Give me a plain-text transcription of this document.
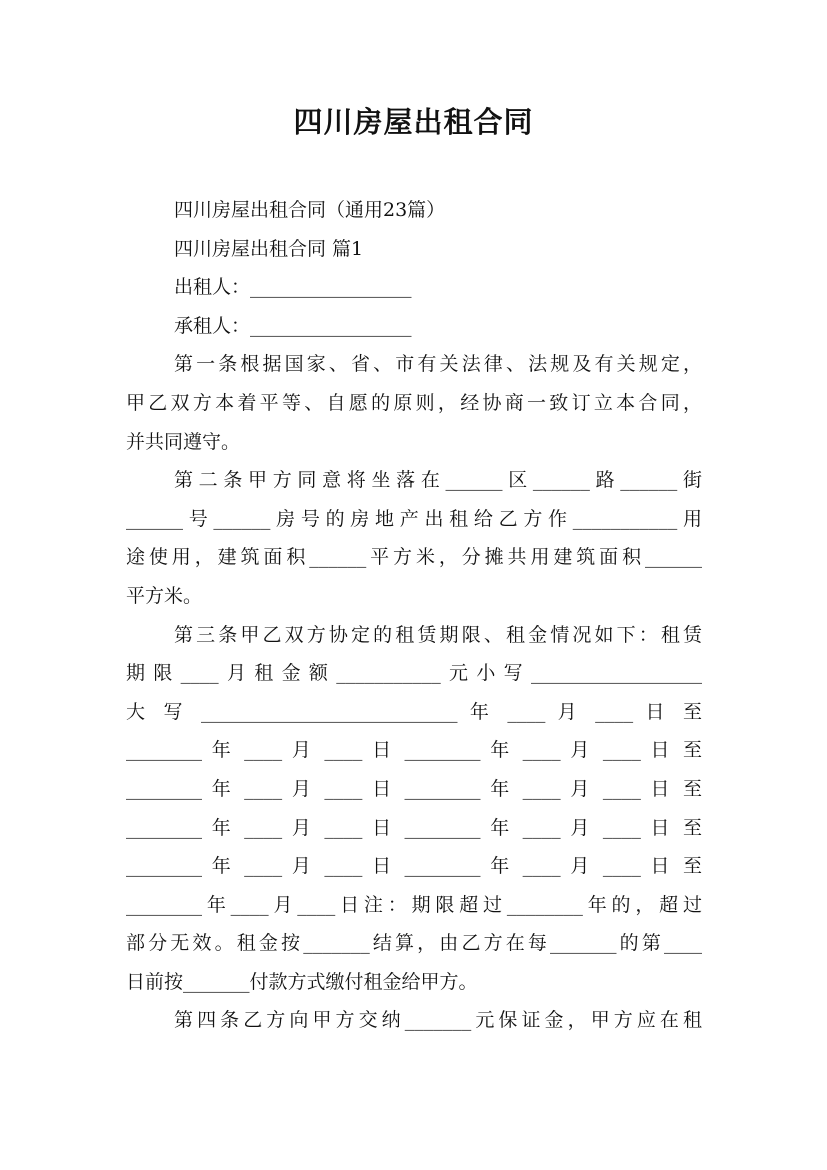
四川房屋出租合同
四川房屋出租合同（通用23篇）
四川房屋出租合同 篇1
出租人：_________________
承租人：_________________
第一条根据国家、省、市有关法律、法规及有关规定，
甲乙双方本着平等、自愿的原则，经协商一致订立本合同，
并共同遵守。
第二条甲方同意将坐落在______区______路______街
______号______房号的房地产出租给乙方作___________用
途使用，建筑面积______平方米，分摊共用建筑面积______
平方米。
第三条甲乙双方协定的租赁期限、租金情况如下：租赁
期限____月租金额___________元小写__________________
大 写 ___________________________ 年 ____ 月 ____ 日 至
________ 年 ____ 月 ____ 日 ________ 年 ____ 月 ____ 日 至
________ 年 ____ 月 ____ 日 ________ 年 ____ 月 ____ 日 至
________ 年 ____ 月 ____ 日 ________ 年 ____ 月 ____ 日 至
________ 年 ____ 月 ____ 日 ________ 年 ____ 月 ____ 日 至
________年____月____日注：期限超过________年的，超过
部分无效。租金按_______结算，由乙方在每_______的第____
日前按_______付款方式缴付租金给甲方。
第四条乙方向甲方交纳_______元保证金，甲方应在租
